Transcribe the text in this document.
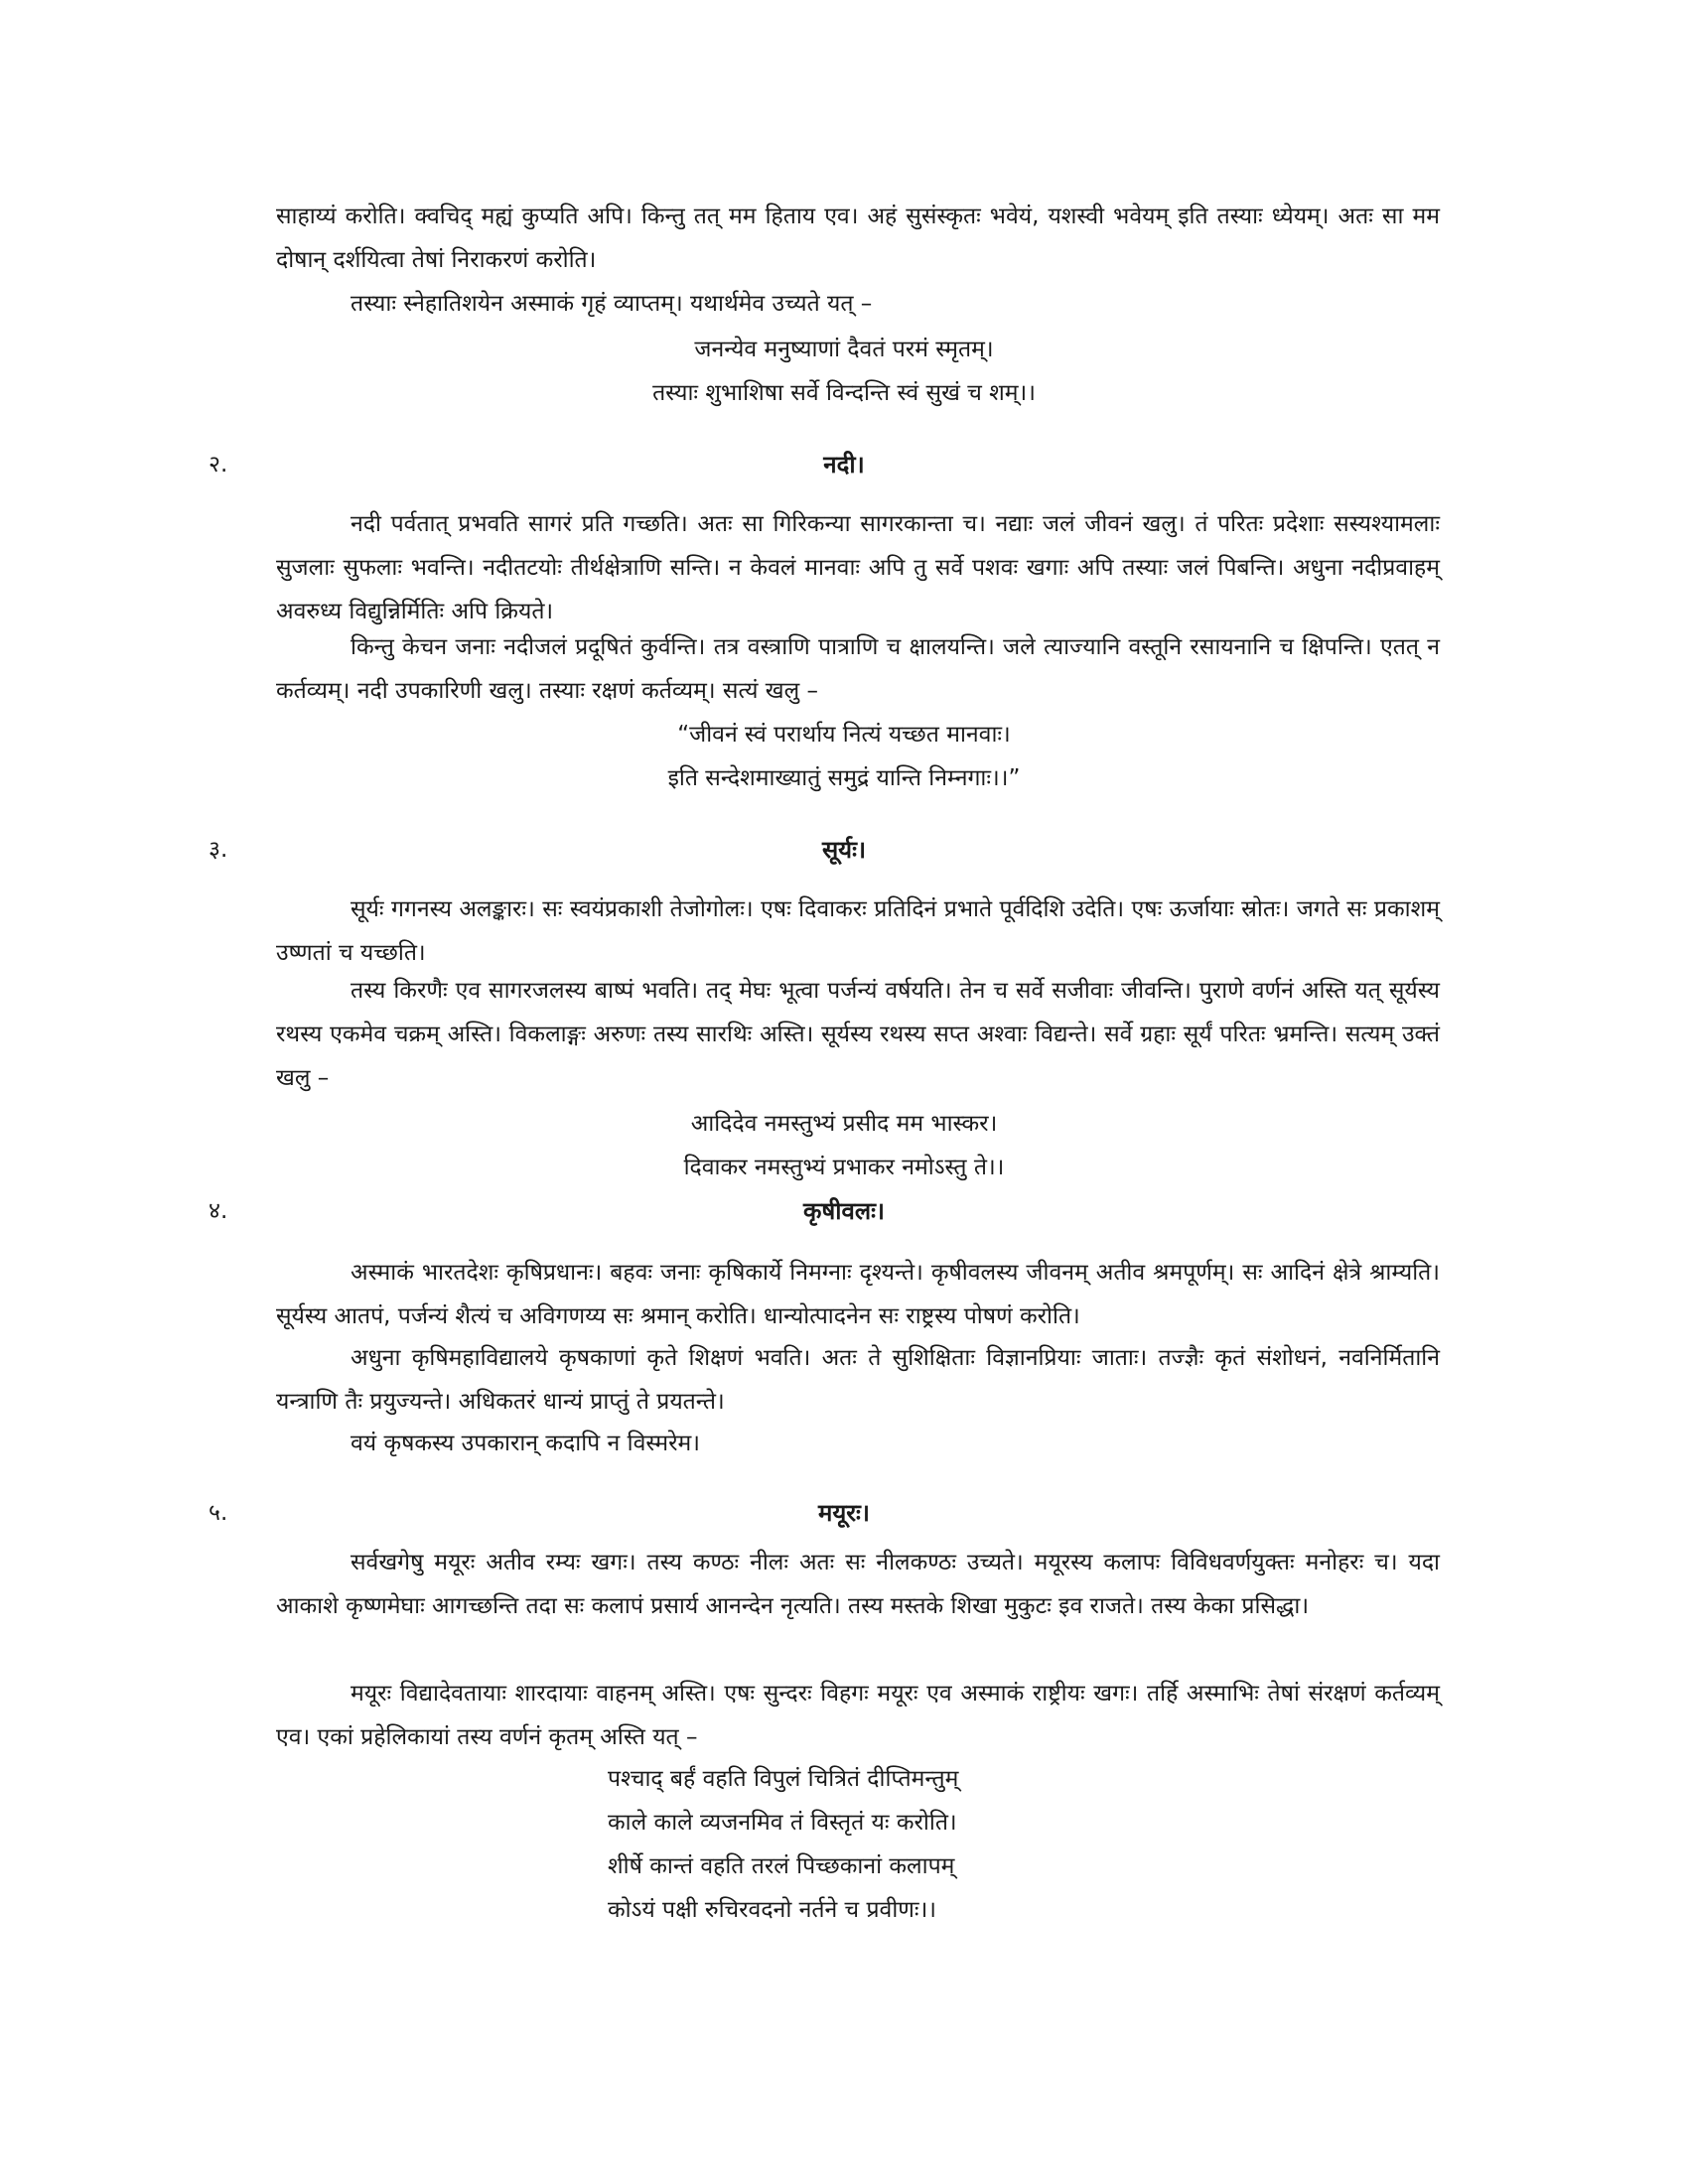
साहाय्यं करोति। क्वचिद् मह्यं कुप्यति अपि। किन्तु तत् मम हिताय एव। अहं सुसंस्कृतः भवेयं, यशस्वी भवेयम् इति तस्याः ध्येयम्। अतः सा मम दोषान् दर्शयित्वा तेषां निराकरणं करोति।

तस्याः स्नेहातिशयेन अस्माकं गृहं व्याप्तम्। यथार्थमेव उच्यते यत् –

जनन्येव मनुष्याणां दैवतं परमं स्मृतम्।

तस्याः शुभाशिषा सर्वे विन्दन्ति स्वं सुखं च शम्।।

२.	नदी।

नदी पर्वतात् प्रभवति सागरं प्रति गच्छति। अतः सा गिरिकन्या सागरकान्ता च। नद्याः जलं जीवनं खलु। तं परितः प्रदेशाः सस्यश्यामलाः सुजलाः सुफलाः भवन्ति। नदीतटयोः तीर्थक्षेत्राणि सन्ति। न केवलं मानवाः अपि तु सर्वे पशवः खगाः अपि तस्याः जलं पिबन्ति। अधुना नदीप्रवाहम् अवरुध्य विद्युन्निर्मितिः अपि क्रियते।

किन्तु केचन जनाः नदीजलं प्रदूषितं कुर्वन्ति। तत्र वस्त्राणि पात्राणि च क्षालयन्ति। जले त्याज्यानि वस्तूनि रसायनानि च क्षिपन्ति। एतत् न कर्तव्यम्। नदी उपकारिणी खलु। तस्याः रक्षणं कर्तव्यम्। सत्यं खलु –

“जीवनं स्वं परार्थाय नित्यं यच्छत मानवाः।

इति सन्देशमाख्यातुं समुद्रं यान्ति निम्नगाः।।”

३.	सूर्यः।

सूर्यः गगनस्य अलङ्कारः। सः स्वयंप्रकाशी तेजोगोलः। एषः दिवाकरः प्रतिदिनं प्रभाते पूर्वदिशि उदेति। एषः ऊर्जायाः स्रोतः। जगते सः प्रकाशम् उष्णतां च यच्छति।

तस्य किरणैः एव सागरजलस्य बाष्पं भवति। तद् मेघः भूत्वा पर्जन्यं वर्षयति। तेन च सर्वे सजीवाः जीवन्ति। पुराणे वर्णनं अस्ति यत् सूर्यस्य रथस्य एकमेव चक्रम् अस्ति। विकलाङ्गः अरुणः तस्य सारथिः अस्ति। सूर्यस्य रथस्य सप्त अश्वाः विद्यन्ते। सर्वे ग्रहाः सूर्यं परितः भ्रमन्ति। सत्यम् उक्तं खलु –

आदिदेव नमस्तुभ्यं प्रसीद मम भास्कर।

दिवाकर नमस्तुभ्यं प्रभाकर नमोऽस्तु ते।।

४.	कृषीवलः।

अस्माकं भारतदेशः कृषिप्रधानः। बहवः जनाः कृषिकार्ये निमग्नाः दृश्यन्ते। कृषीवलस्य जीवनम् अतीव श्रमपूर्णम्। सः आदिनं क्षेत्रे श्राम्यति। सूर्यस्य आतपं, पर्जन्यं शैत्यं च अविगणय्य सः श्रमान् करोति। धान्योत्पादनेन सः राष्ट्रस्य पोषणं करोति।

अधुना कृषिमहाविद्यालये कृषकाणां कृते शिक्षणं भवति। अतः ते सुशिक्षिताः विज्ञानप्रियाः जाताः। तज्ज्ञैः कृतं संशोधनं, नवनिर्मितानि यन्त्राणि तैः प्रयुज्यन्ते। अधिकतरं धान्यं प्राप्तुं ते प्रयतन्ते।

वयं कृषकस्य उपकारान् कदापि न विस्मरेम।

५.	मयूरः।

सर्वखगेषु मयूरः अतीव रम्यः खगः। तस्य कण्ठः नीलः अतः सः नीलकण्ठः उच्यते। मयूरस्य कलापः विविधवर्णयुक्तः मनोहरः च। यदा आकाशे कृष्णमेघाः आगच्छन्ति तदा सः कलापं प्रसार्य आनन्देन नृत्यति। तस्य मस्तके शिखा मुकुटः इव राजते। तस्य केका प्रसिद्धा।

मयूरः विद्यादेवतायाः शारदायाः वाहनम् अस्ति। एषः सुन्दरः विहगः मयूरः एव अस्माकं राष्ट्रीयः खगः। तर्हि अस्माभिः तेषां संरक्षणं कर्तव्यम् एव। एकां प्रहेलिकायां तस्य वर्णनं कृतम् अस्ति यत् –

पश्चाद् बर्हं वहति विपुलं चित्रितं दीप्तिमन्तुम्

काले काले व्यजनमिव तं विस्तृतं यः करोति।

शीर्षे कान्तं वहति तरलं पिच्छकानां कलापम्

कोऽयं पक्षी रुचिरवदनो नर्तने च प्रवीणः।।
